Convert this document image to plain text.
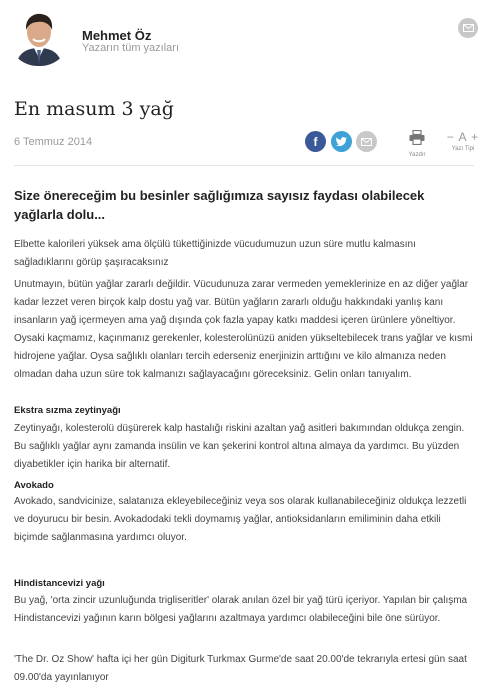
Mehmet Öz
Yazarın tüm yazıları
En masum 3 yağ
6 Temmuz 2014	f
Yazdır
− A +
Yazı Tipi
Size önereceğim bu besinler sağlığımıza sayısız faydası olabilecek yağlarla dolu...
Elbette kalorileri yüksek ama ölçülü tükettiğinizde vücudumuzun uzun süre mutlu kalmasını sağladıklarını görüp şaşıracaksınız
Unutmayın, bütün yağlar zararlı değildir. Vücudunuza zarar vermeden yemeklerinize en az diğer yağlar kadar lezzet veren birçok kalp dostu yağ var. Bütün yağların zararlı olduğu hakkındaki yanlış kanı insanların yağ içermeyen ama yağ dışında çok fazla yapay katkı maddesi içeren ürünlere yöneltiyor. Oysaki kaçmamız, kaçınmanız gerekenler, kolesterolünüzü aniden yükseltebilecek trans yağlar ve kısmi hidrojene yağlar. Oysa sağlıklı olanları tercih ederseniz enerjinizin arttığını ve kilo almanıza neden olmadan daha uzun süre tok kalmanızı sağlayacağını göreceksiniz. Gelin onları tanıyalım.
Ekstra sızma zeytinyağı
Zeytinyağı, kolesterolü düşürerek kalp hastalığı riskini azaltan yağ asitleri bakımından oldukça zengin. Bu sağlıklı yağlar aynı zamanda insülin ve kan şekerini kontrol altına almaya da yardımcı. Bu yüzden diyabetikler için harika bir alternatif.
Avokado
Avokado, sandvicinize, salatanıza ekleyebileceğiniz veya sos olarak kullanabileceğiniz oldukça lezzetli ve doyurucu bir besin. Avokadodaki tekli doymamış yağlar, antioksidanların emiliminin daha etkili biçimde sağlanmasına yardımcı oluyor.
Hindistancevizi yağı
Bu yağ, 'orta zincir uzunluğunda trigliseritler' olarak anılan özel bir yağ türü içeriyor. Yapılan bir çalışma Hindistancevizi yağının karın bölgesi yağlarını azaltmaya yardımcı olabileceğini bile öne sürüyor.
'The Dr. Oz Show' hafta içi her gün Digiturk Turkmax Gurme'de saat 20.00'de tekrarıyla ertesi gün saat 09.00'da yayınlanıyor
